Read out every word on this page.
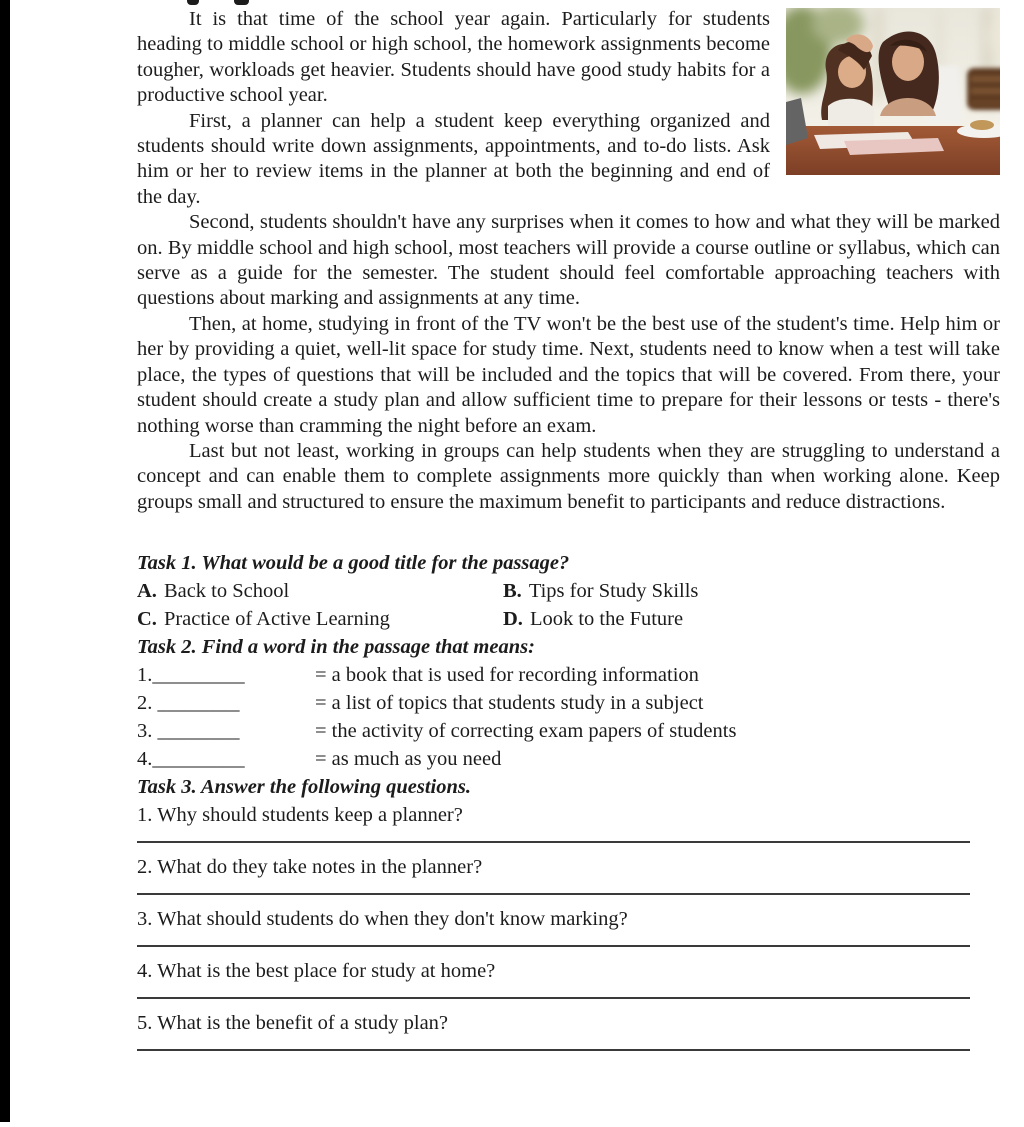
It is that time of the school year again. Particularly for students heading to middle school or high school, the homework assignments become tougher, workloads get heavier. Students should have good study habits for a productive school year.

First, a planner can help a student keep everything organized and students should write down assignments, appointments, and to-do lists. Ask him or her to review items in the planner at both the beginning and end of the day.

Second, students shouldn't have any surprises when it comes to how and what they will be marked on. By middle school and high school, most teachers will provide a course outline or syllabus, which can serve as a guide for the semester. The student should feel comfortable approaching teachers with questions about marking and assignments at any time.

Then, at home, studying in front of the TV won't be the best use of the student's time. Help him or her by providing a quiet, well-lit space for study time. Next, students need to know when a test will take place, the types of questions that will be included and the topics that will be covered. From there, your student should create a study plan and allow sufficient time to prepare for their lessons or tests - there's nothing worse than cramming the night before an exam.

Last but not least, working in groups can help students when they are struggling to understand a concept and can enable them to complete assignments more quickly than when working alone. Keep groups small and structured to ensure the maximum benefit to participants and reduce distractions.

Task 1. What would be a good title for the passage?
A. Back to School	B. Tips for Study Skills
C. Practice of Active Learning	D. Look to the Future
Task 2. Find a word in the passage that means:
1._________	= a book that is used for recording information
2. ________	= a list of topics that students study in a subject
3. ________	= the activity of correcting exam papers of students
4._________	= as much as you need
Task 3. Answer the following questions.
1. Why should students keep a planner?
2. What do they take notes in the planner?
3. What should students do when they don't know marking?
4. What is the best place for study at home?
5. What is the benefit of a study plan?
